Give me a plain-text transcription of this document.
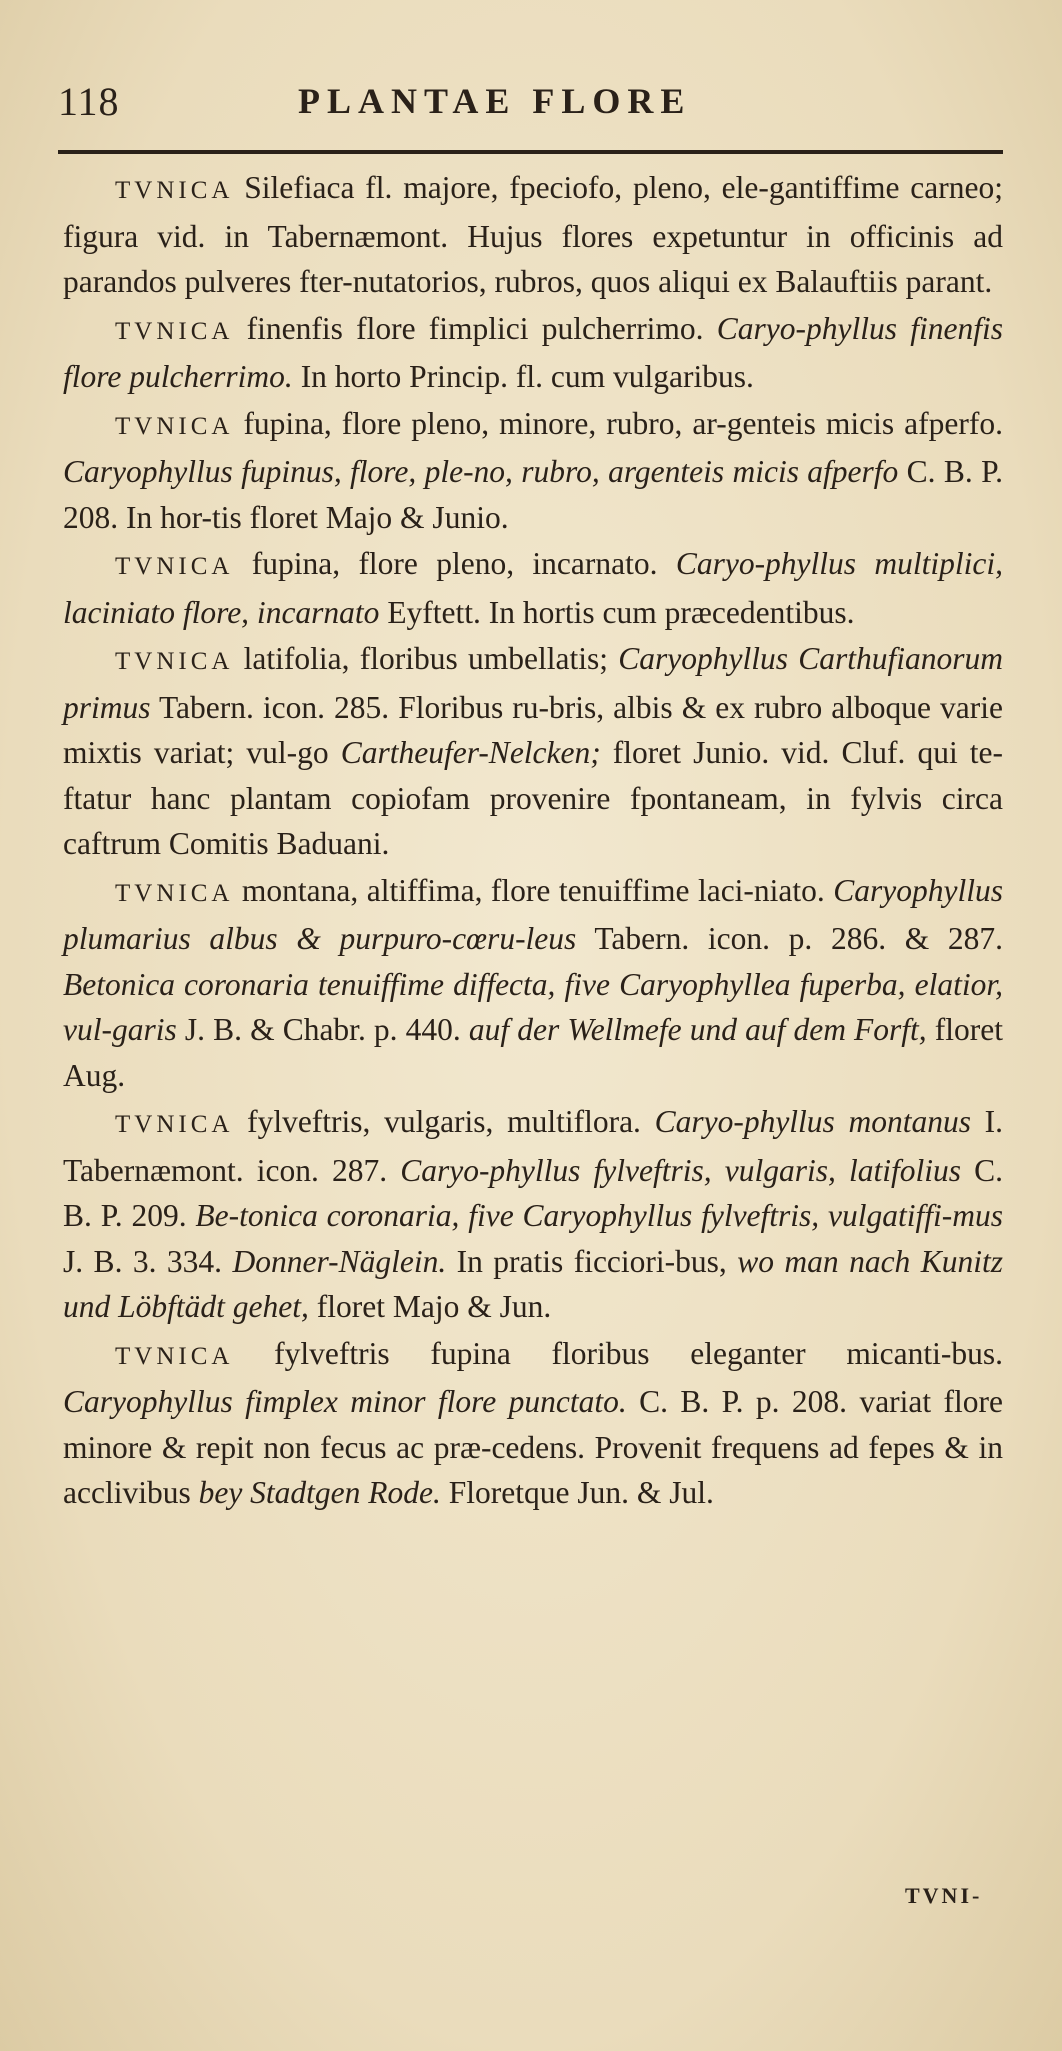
118	PLANTAE FLORE

TVNICA Silefiaca fl. majore, fpeciofo, pleno, ele-gantiffime carneo; figura vid. in Tabernæmont. Hujus flores expetuntur in officinis ad parandos pulveres fter-nutatorios, rubros, quos aliqui ex Balauftiis parant.

TVNICA finenfis flore fimplici pulcherrimo. Caryo-phyllus finenfis flore pulcherrimo. In horto Princip. fl. cum vulgaribus.

TVNICA fupina, flore pleno, minore, rubro, ar-genteis micis afperfo. Caryophyllus fupinus, flore, ple-no, rubro, argenteis micis afperfo C. B. P. 208. In hor-tis floret Majo & Junio.

TVNICA fupina, flore pleno, incarnato. Caryo-phyllus multiplici, laciniato flore, incarnato Eyftett. In hortis cum præcedentibus.

TVNICA latifolia, floribus umbellatis; Caryophyllus Carthufianorum primus Tabern. icon. 285. Floribus ru-bris, albis & ex rubro alboque varie mixtis variat; vul-go Cartheufer-Nelcken; floret Junio. vid. Cluf. qui te-ftatur hanc plantam copiofam provenire fpontaneam, in fylvis circa caftrum Comitis Baduani.

TVNICA montana, altiffima, flore tenuiffime laci-niato. Caryophyllus plumarius albus & purpuro-cœru-leus Tabern. icon. p. 286. & 287. Betonica coronaria tenuiffime diffecta, five Caryophyllea fuperba, elatior, vul-garis J. B. & Chabr. p. 440. auf der Wellmefe und auf dem Forft, floret Aug.

TVNICA fylveftris, vulgaris, multiflora. Caryo-phyllus montanus I. Tabernæmont. icon. 287. Caryo-phyllus fylveftris, vulgaris, latifolius C. B. P. 209. Be-tonica coronaria, five Caryophyllus fylveftris, vulgatiffi-mus J. B. 3. 334. Donner-Näglein. In pratis ficciori-bus, wo man nach Kunitz und Löbftädt gehet, floret Majo & Jun.

TVNICA fylveftris fupina floribus eleganter micanti-bus. Caryophyllus fimplex minor flore punctato. C. B. P. p. 208. variat flore minore & repit non fecus ac præ-cedens. Provenit frequens ad fepes & in acclivibus bey Stadtgen Rode. Floretque Jun. & Jul.

TVNI-
